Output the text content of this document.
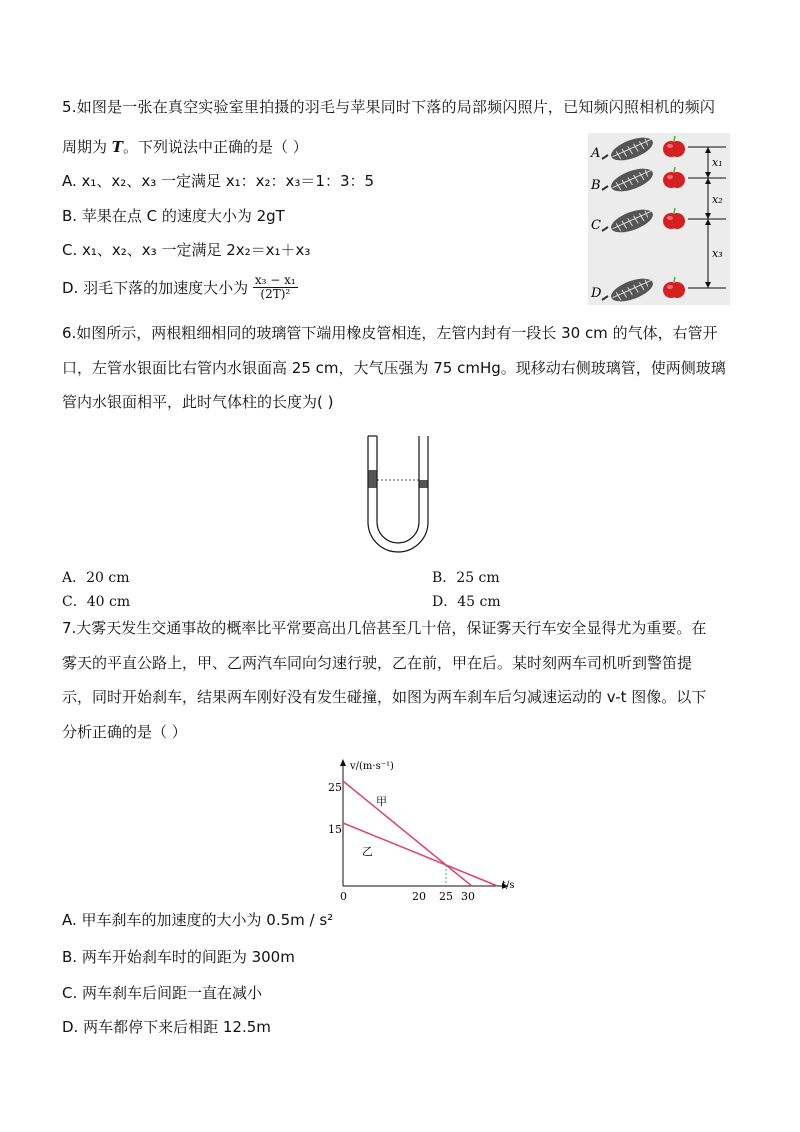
5.如图是一张在真空实验室里拍摄的羽毛与苹果同时下落的局部频闪照片，已知频闪照相机的频闪
周期为 T。下列说法中正确的是（ ）
A. x₁、x₂、x₃ 一定满足 x₁：x₂：x₃＝1：3：5
B. 苹果在点 C 的速度大小为 2gT
C. x₁、x₂、x₃ 一定满足 2x₂＝x₁＋x₃
D. 羽毛下落的加速度大小为 $\frac{\text{x₃ − x₁}}{\text{(2T)²}}$
A
B
C
D
x₁
x₂
x₃
6.如图所示，两根粗细相同的玻璃管下端用橡皮管相连，左管内封有一段长 30 cm 的气体，右管开
口，左管水银面比右管内水银面高 25 cm，大气压强为 75 cmHg。现移动右侧玻璃管，使两侧玻璃
管内水银面相平，此时气体柱的长度为( )
A．20 cm	B．25 cm
C．40 cm	D．45 cm
7.大雾天发生交通事故的概率比平常要高出几倍甚至几十倍，保证雾天行车安全显得尤为重要。在
雾天的平直公路上，甲、乙两汽车同向匀速行驶，乙在前，甲在后。某时刻两车司机听到警笛提
示，同时开始刹车，结果两车刚好没有发生碰撞，如图为两车刹车后匀减速运动的 v-t 图像。以下
分析正确的是（ ）
v/(m·s⁻¹)
t/s
25
15
0	20 25 30
甲
乙
A. 甲车刹车的加速度的大小为 0.5m / s²
B. 两车开始刹车时的间距为 300m
C. 两车刹车后间距一直在减小
D. 两车都停下来后相距 12.5m
